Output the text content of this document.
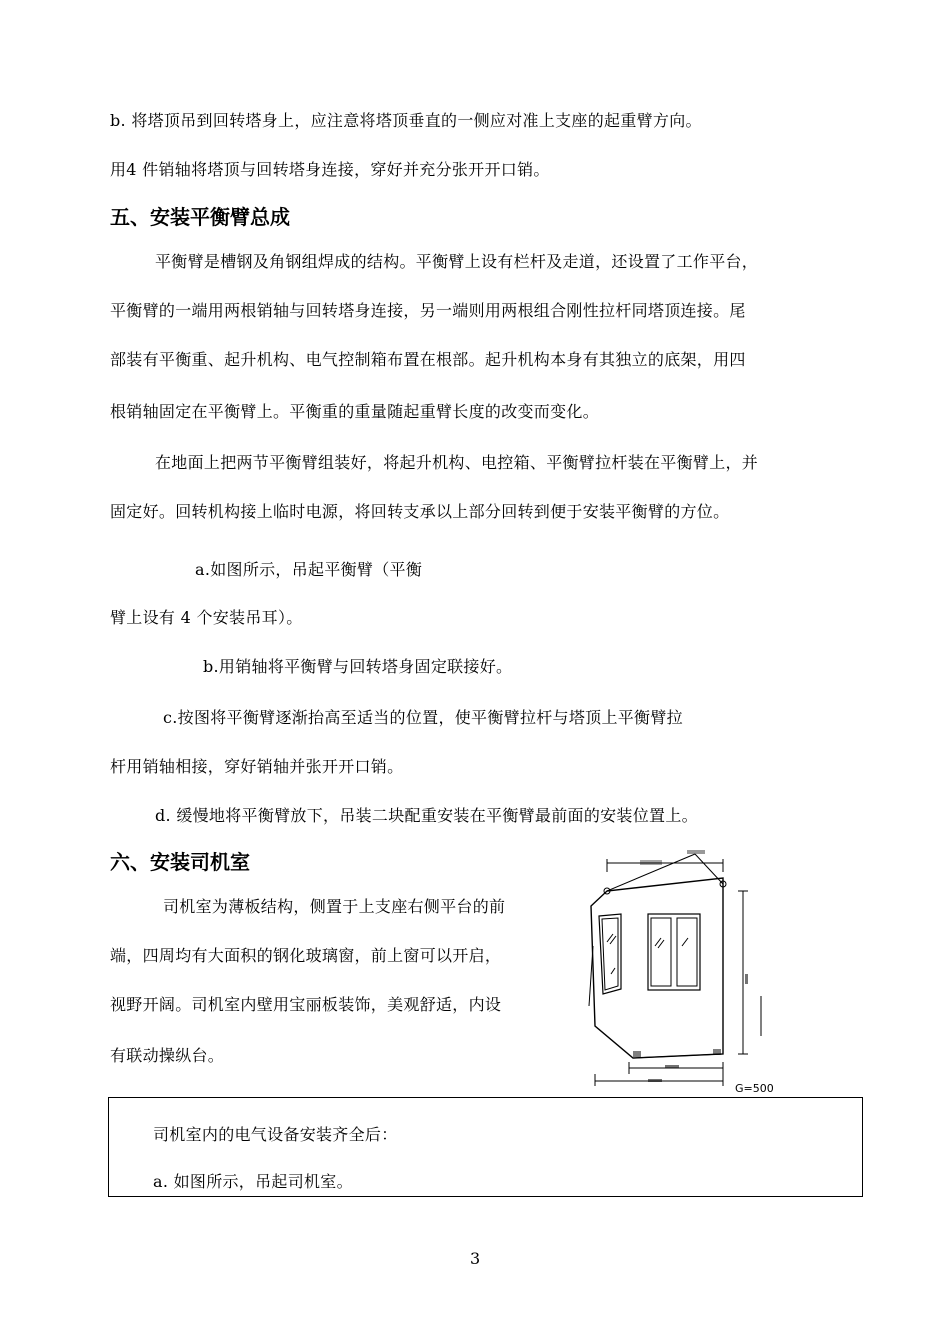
b. 将塔顶吊到回转塔身上，应注意将塔顶垂直的一侧应对准上支座的起重臂方向。
用4 件销轴将塔顶与回转塔身连接，穿好并充分张开开口销。
五、安装平衡臂总成
平衡臂是槽钢及角钢组焊成的结构。平衡臂上设有栏杆及走道，还设置了工作平台，
平衡臂的一端用两根销轴与回转塔身连接，另一端则用两根组合刚性拉杆同塔顶连接。尾
部装有平衡重、起升机构、电气控制箱布置在根部。起升机构本身有其独立的底架，用四
根销轴固定在平衡臂上。平衡重的重量随起重臂长度的改变而变化。
在地面上把两节平衡臂组装好，将起升机构、电控箱、平衡臂拉杆装在平衡臂上，并
固定好。回转机构接上临时电源，将回转支承以上部分回转到便于安装平衡臂的方位。
a.如图所示，吊起平衡臂（平衡
臂上设有 4 个安装吊耳）。
b.用销轴将平衡臂与回转塔身固定联接好。
c.按图将平衡臂逐渐抬高至适当的位置，使平衡臂拉杆与塔顶上平衡臂拉
杆用销轴相接，穿好销轴并张开开口销。
d. 缓慢地将平衡臂放下，吊装二块配重安装在平衡臂最前面的安装位置上。
六、安装司机室
司机室为薄板结构，侧置于上支座右侧平台的前
端，四周均有大面积的钢化玻璃窗，前上窗可以开启，
视野开阔。司机室内壁用宝丽板装饰，美观舒适，内设
有联动操纵台。
G=500
司机室内的电气设备安装齐全后：
a. 如图所示，吊起司机室。
3
